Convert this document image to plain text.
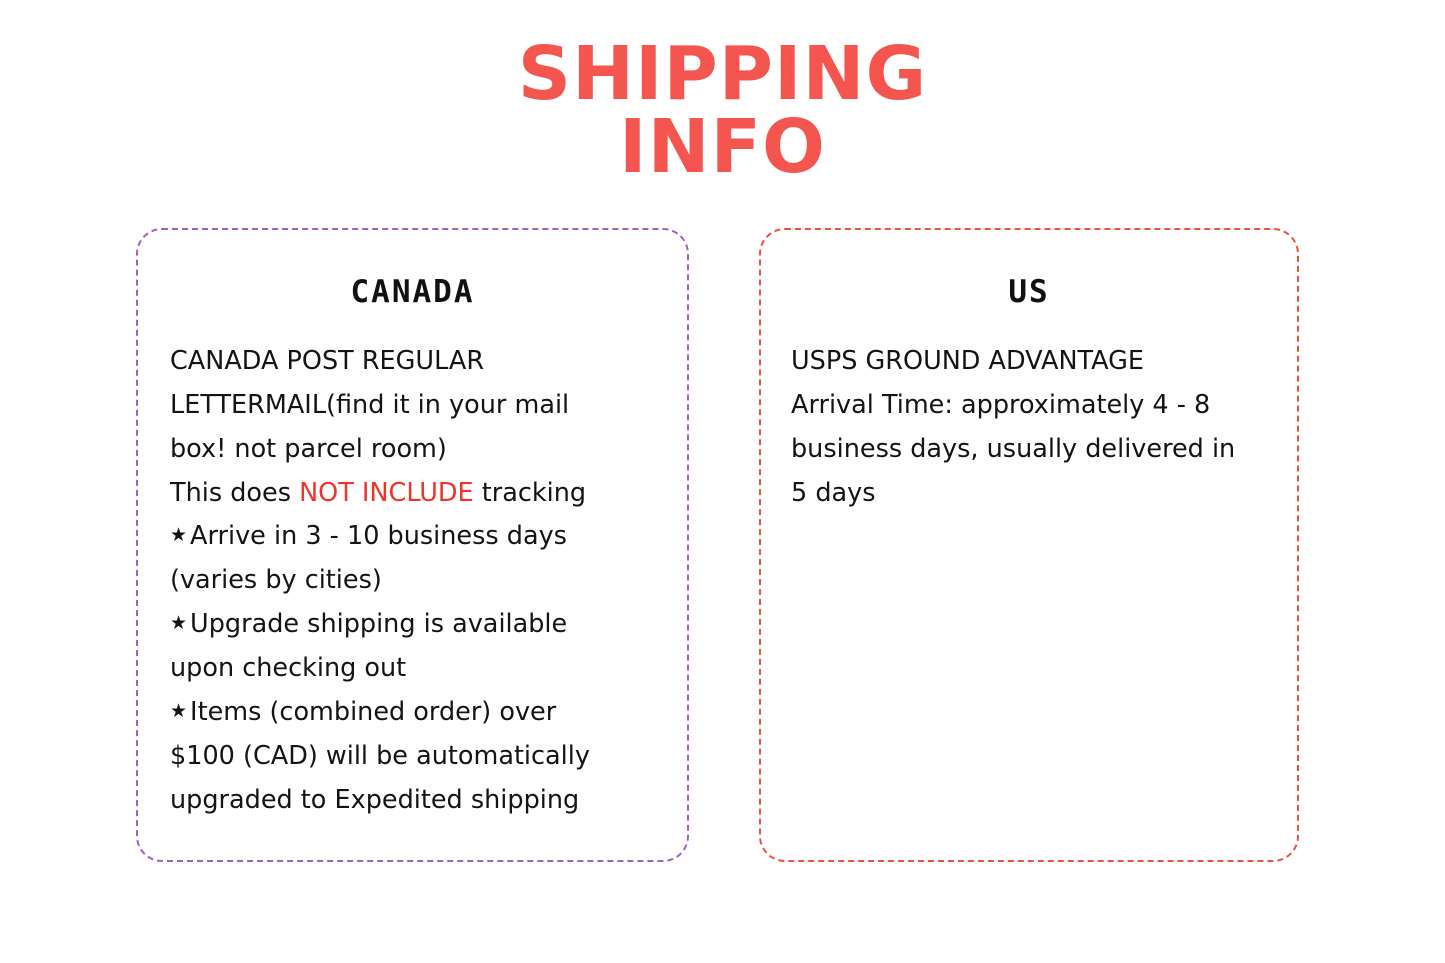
SHIPPING
INFO
CANADA
CANADA POST REGULAR
LETTERMAIL(find it in your mail
box! not parcel room)
This does NOT INCLUDE tracking
★ Arrive in 3 - 10 business days
(varies by cities)
★ Upgrade shipping is available
upon checking out
★ Items (combined order) over
$100 (CAD) will be automatically
upgraded to Expedited shipping
US
USPS GROUND ADVANTAGE
Arrival Time: approximately 4 - 8
business days, usually delivered in
5 days
